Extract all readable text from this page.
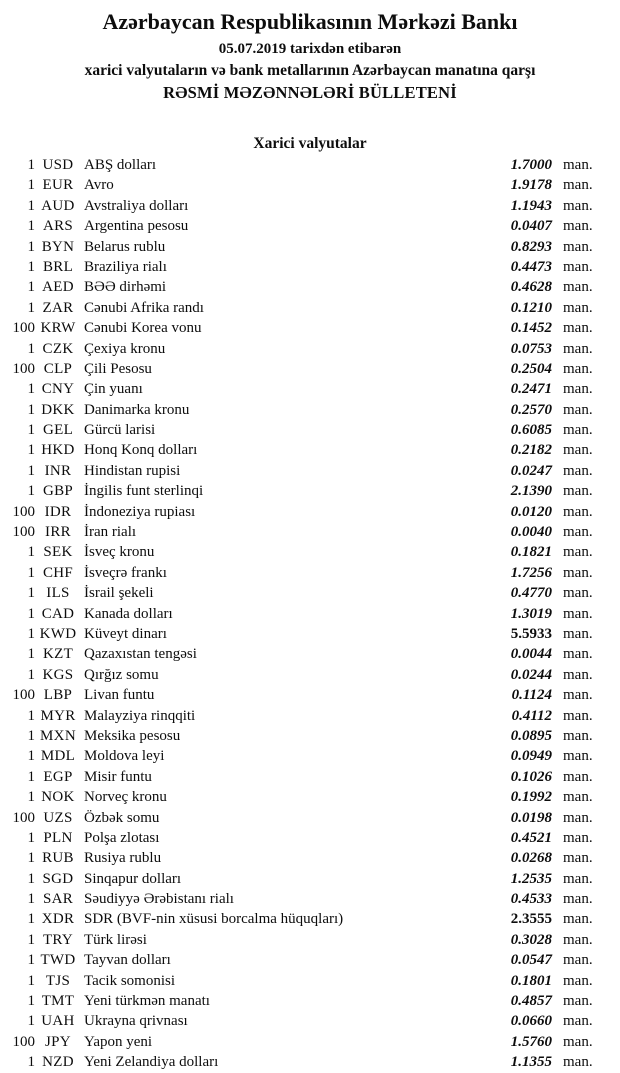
Azərbaycan Respublikasının Mərkəzi Bankı
05.07.2019 tarixdən etibarən
xarici valyutaların və bank metallarının Azərbaycan manatına qarşı
RƏSMİ MƏZƏNNƏLƏRİ BÜLLETENİ
Xarici valyutalar
1 USD ABŞ dolları	1.7000 man.
1 EUR Avro	1.9178 man.
1 AUD Avstraliya dolları	1.1943 man.
1 ARS Argentina pesosu	0.0407 man.
1 BYN Belarus rublu	0.8293 man.
1 BRL Braziliya rialı	0.4473 man.
1 AED BƏƏ dirhəmi	0.4628 man.
1 ZAR Cənubi Afrika randı	0.1210 man.
100 KRW Cənubi Korea vonu	0.1452 man.
1 CZK Çexiya kronu	0.0753 man.
100 CLP Çili Pesosu	0.2504 man.
1 CNY Çin yuanı	0.2471 man.
1 DKK Danimarka kronu	0.2570 man.
1 GEL Gürcü larisi	0.6085 man.
1 HKD Honq Konq dolları	0.2182 man.
1 INR Hindistan rupisi	0.0247 man.
1 GBP İngilis funt sterlinqi	2.1390 man.
100 IDR İndoneziya rupiası	0.0120 man.
100 IRR İran rialı	0.0040 man.
1 SEK İsveç kronu	0.1821 man.
1 CHF İsveçrə frankı	1.7256 man.
1 ILS İsrail şekeli	0.4770 man.
1 CAD Kanada dolları	1.3019 man.
1 KWD Küveyt dinarı	5.5933 man.
1 KZT Qazaxıstan tengəsi	0.0044 man.
1 KGS Qırğız somu	0.0244 man.
100 LBP Livan funtu	0.1124 man.
1 MYR Malayziya rinqqiti	0.4112 man.
1 MXN Meksika pesosu	0.0895 man.
1 MDL Moldova leyi	0.0949 man.
1 EGP Misir funtu	0.1026 man.
1 NOK Norveç kronu	0.1992 man.
100 UZS Özbək somu	0.0198 man.
1 PLN Polşa zlotası	0.4521 man.
1 RUB Rusiya rublu	0.0268 man.
1 SGD Sinqapur dolları	1.2535 man.
1 SAR Səudiyyə Ərəbistanı rialı	0.4533 man.
1 XDR SDR (BVF-nin xüsusi borcalma hüquqları)	2.3555 man.
1 TRY Türk lirəsi	0.3028 man.
1 TWD Tayvan dolları	0.0547 man.
1 TJS Tacik somonisi	0.1801 man.
1 TMT Yeni türkmən manatı	0.4857 man.
1 UAH Ukrayna qrivnası	0.0660 man.
100 JPY Yapon yeni	1.5760 man.
1 NZD Yeni Zelandiya dolları	1.1355 man.
